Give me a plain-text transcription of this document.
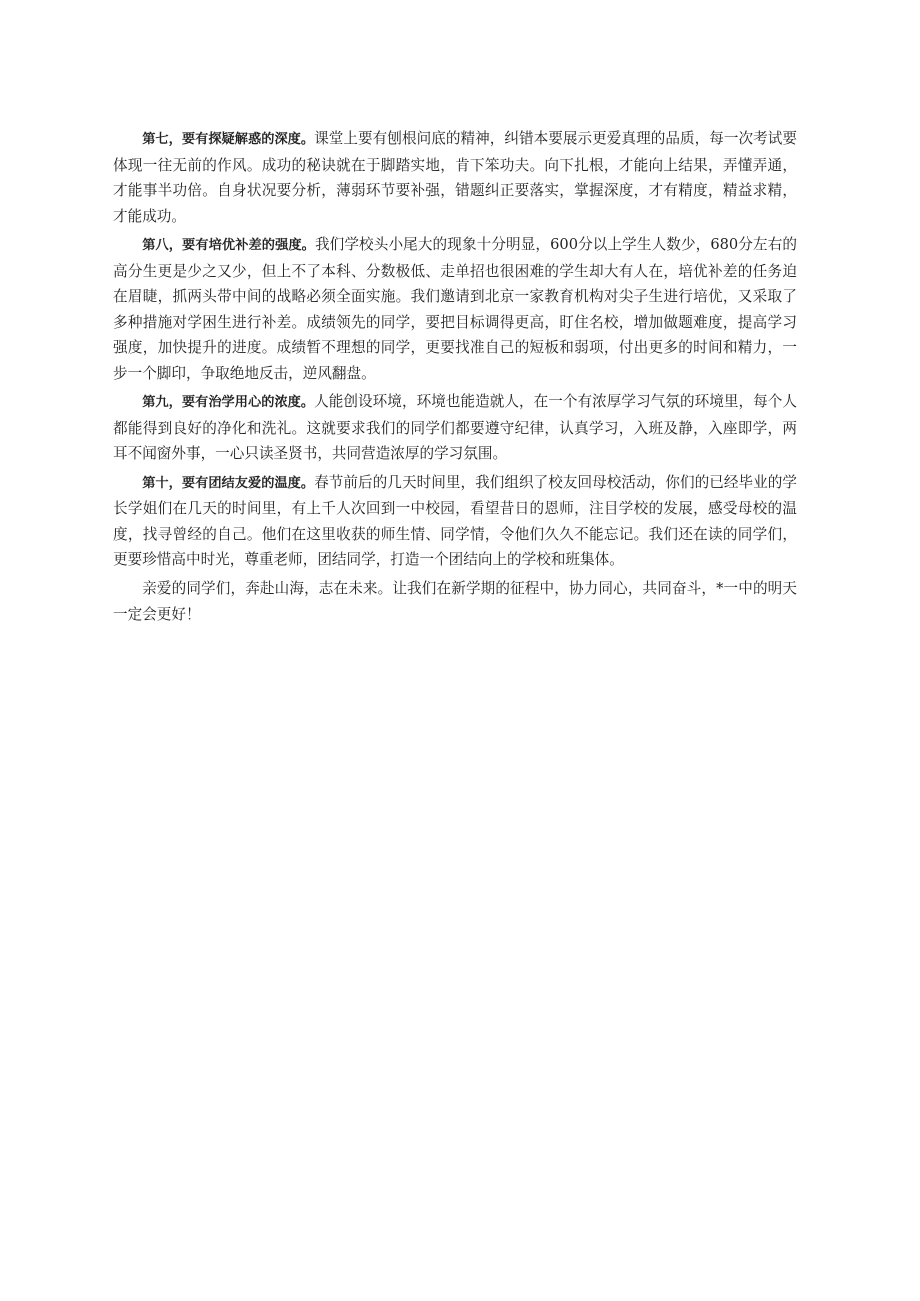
第七，要有探疑解惑的深度。课堂上要有刨根问底的精神，纠错本要展示更爱真理的品质，每一次考试要体现一往无前的作风。成功的秘诀就在于脚踏实地，肯下笨功夫。向下扎根，才能向上结果，弄懂弄通，才能事半功倍。自身状况要分析，薄弱环节要补强，错题纠正要落实，掌握深度，才有精度，精益求精，才能成功。

第八，要有培优补差的强度。我们学校头小尾大的现象十分明显，600分以上学生人数少，680分左右的高分生更是少之又少，但上不了本科、分数极低、走单招也很困难的学生却大有人在，培优补差的任务迫在眉睫，抓两头带中间的战略必须全面实施。我们邀请到北京一家教育机构对尖子生进行培优，又采取了多种措施对学困生进行补差。成绩领先的同学，要把目标调得更高，盯住名校，增加做题难度，提高学习强度，加快提升的进度。成绩暂不理想的同学，更要找准自己的短板和弱项，付出更多的时间和精力，一步一个脚印，争取绝地反击，逆风翻盘。

第九，要有治学用心的浓度。人能创设环境，环境也能造就人，在一个有浓厚学习气氛的环境里，每个人都能得到良好的净化和洗礼。这就要求我们的同学们都要遵守纪律，认真学习，入班及静，入座即学，两耳不闻窗外事，一心只读圣贤书，共同营造浓厚的学习氛围。

第十，要有团结友爱的温度。春节前后的几天时间里，我们组织了校友回母校活动，你们的已经毕业的学长学姐们在几天的时间里，有上千人次回到一中校园，看望昔日的恩师，注目学校的发展，感受母校的温度，找寻曾经的自己。他们在这里收获的师生情、同学情，令他们久久不能忘记。我们还在读的同学们，更要珍惜高中时光，尊重老师，团结同学，打造一个团结向上的学校和班集体。

亲爱的同学们，奔赴山海，志在未来。让我们在新学期的征程中，协力同心，共同奋斗，*一中的明天一定会更好！
